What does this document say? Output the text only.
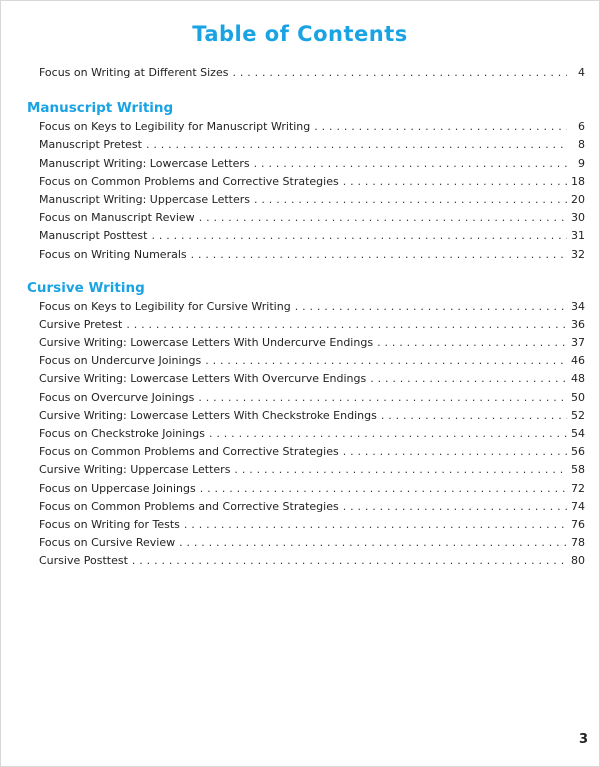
Table of Contents
Focus on Writing at Different Sizes . . .	4
Manuscript Writing
Focus on Keys to Legibility for Manuscript Writing . . .	6
Manuscript Pretest . . .	8
Manuscript Writing: Lowercase Letters . . .	9
Focus on Common Problems and Corrective Strategies . . .	18
Manuscript Writing: Uppercase Letters . . .	20
Focus on Manuscript Review . . .	30
Manuscript Posttest . . .	31
Focus on Writing Numerals . . .	32
Cursive Writing
Focus on Keys to Legibility for Cursive Writing . . .	34
Cursive Pretest . . .	36
Cursive Writing: Lowercase Letters With Undercurve Endings . . .	37
Focus on Undercurve Joinings . . .	46
Cursive Writing: Lowercase Letters With Overcurve Endings . . .	48
Focus on Overcurve Joinings . . .	50
Cursive Writing: Lowercase Letters With Checkstroke Endings . . .	52
Focus on Checkstroke Joinings . . .	54
Focus on Common Problems and Corrective Strategies . . .	56
Cursive Writing: Uppercase Letters . . .	58
Focus on Uppercase Joinings . . .	72
Focus on Common Problems and Corrective Strategies . . .	74
Focus on Writing for Tests . . .	76
Focus on Cursive Review . . .	78
Cursive Posttest . . .	80
3
